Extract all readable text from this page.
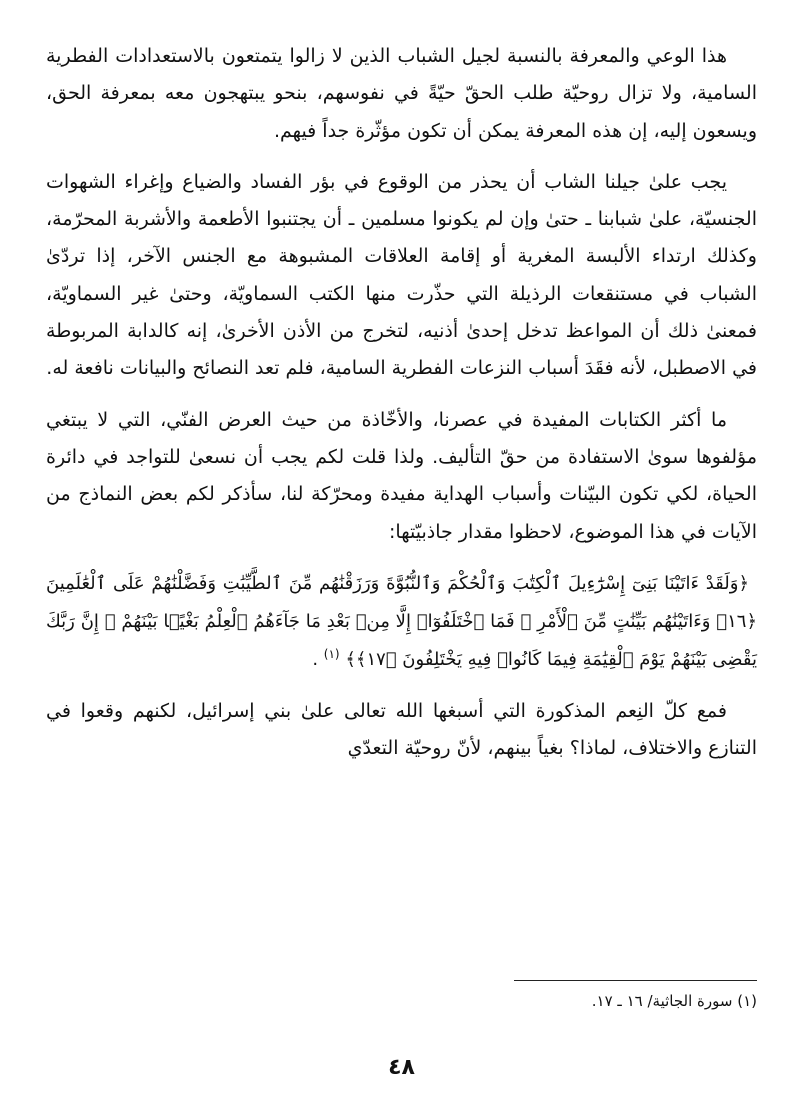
هذا الوعي والمعرفة بالنسبة لجيل الشباب الذين لا زالوا يتمتعون بالاستعدادات الفطرية السامية، ولا تزال روحيّة طلب الحقّ حيّةً في نفوسهم، بنحو يبتهجون معه بمعرفة الحق، ويسعون إليه، إن هذه المعرفة يمكن أن تكون مؤثّرة جداً فيهم.

يجب علىٰ جيلنا الشاب أن يحذر من الوقوع في بؤر الفساد والضياع وإغراء الشهوات الجنسيّة، علىٰ شبابنا ـ حتىٰ وإن لم يكونوا مسلمين ـ أن يجتنبوا الأطعمة والأشربة المحرّمة، وكذلك ارتداء الألبسة المغرية أو إقامة العلاقات المشبوهة مع الجنس الآخر، إذا تردّىٰ الشباب في مستنقعات الرذيلة التي حذّرت منها الكتب السماويّة، وحتىٰ غير السماويّة، فمعنىٰ ذلك أن المواعظ تدخل إحدىٰ أذنيه، لتخرج من الأذن الأخرىٰ، إنه كالدابة المربوطة في الاصطبل، لأنه فقَدَ أسباب النزعات الفطرية السامية، فلم تعد النصائح والبيانات نافعة له.

ما أكثر الكتابات المفيدة في عصرنا، والأخّاذة من حيث العرض الفنّي، التي لا يبتغي مؤلفوها سوىٰ الاستفادة من حقّ التأليف. ولذا قلت لكم يجب أن نسعىٰ للتواجد في دائرة الحياة، لكي تكون البيّنات وأسباب الهداية مفيدة ومحرّكة لنا، سأذكر لكم بعض النماذج من الآيات في هذا الموضوع، لاحظوا مقدار جاذبيّتها:

﴿وَلَقَدْ ءَاتَيْنَا بَنِىٓ إِسْرَٰٓءِيلَ ٱلْكِتَٰبَ وَٱلْحُكْمَ وَٱلنُّبُوَّةَ وَرَزَقْنَٰهُم مِّنَ ٱلطَّيِّبَٰتِ وَفَضَّلْنَٰهُمْ عَلَى ٱلْعَٰلَمِينَ ﴿١٦﴾ وَءَاتَيْنَٰهُم بَيِّنَٰتٍ مِّنَ ٱلْأَمْرِ ۖ فَمَا ٱخْتَلَفُوٓا۟ إِلَّا مِنۢ بَعْدِ مَا جَآءَهُمُ ٱلْعِلْمُ بَغْيًۢا بَيْنَهُمْ ۚ إِنَّ رَبَّكَ يَقْضِى بَيْنَهُمْ يَوْمَ ٱلْقِيَٰمَةِ فِيمَا كَانُوا۟ فِيهِ يَخْتَلِفُونَ ﴿١٧﴾﴾ $^{(١)}$ .

فمع كلّ النِعم المذكورة التي أسبغها الله تعالى علىٰ بني إسرائيل، لكنهم وقعوا في التنازع والاختلاف، لماذا؟ بغياً بينهم، لأنّ روحيّة التعدّي

(١) سورة الجاثية/ ١٦ ـ ١٧.
٤٨
